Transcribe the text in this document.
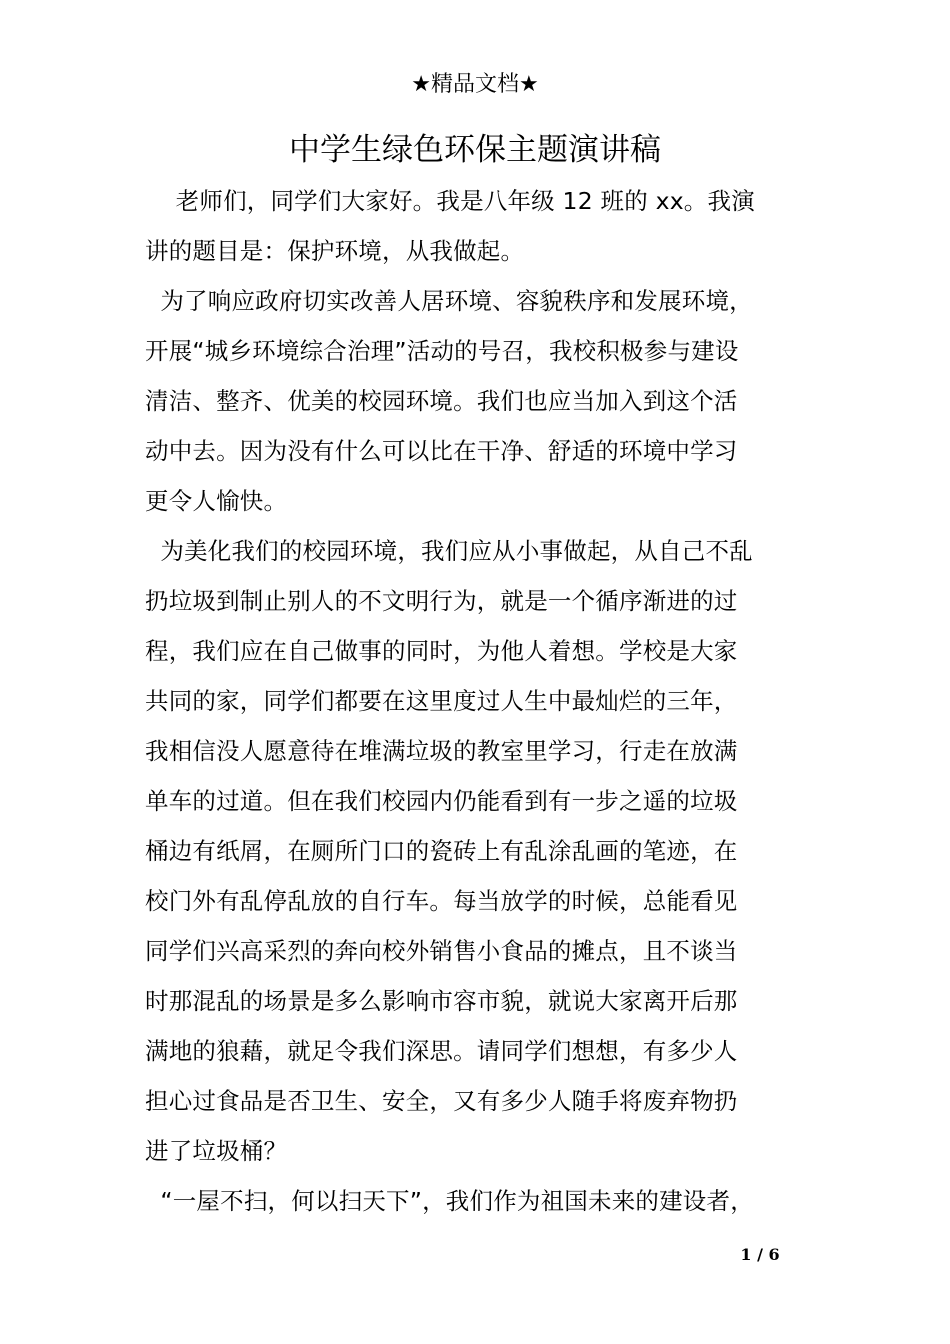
★精品文档★
中学生绿色环保主题演讲稿

老师们，同学们大家好。我是八年级 12 班的 xx。我演
讲的题目是：保护环境，从我做起。

为了响应政府切实改善人居环境、容貌秩序和发展环境，
开展“城乡环境综合治理”活动的号召，我校积极参与建设
清洁、整齐、优美的校园环境。我们也应当加入到这个活
动中去。因为没有什么可以比在干净、舒适的环境中学习
更令人愉快。

为美化我们的校园环境，我们应从小事做起，从自己不乱
扔垃圾到制止别人的不文明行为，就是一个循序渐进的过
程，我们应在自己做事的同时，为他人着想。学校是大家
共同的家，同学们都要在这里度过人生中最灿烂的三年，
我相信没人愿意待在堆满垃圾的教室里学习，行走在放满
单车的过道。但在我们校园内仍能看到有一步之遥的垃圾
桶边有纸屑，在厕所门口的瓷砖上有乱涂乱画的笔迹，在
校门外有乱停乱放的自行车。每当放学的时候，总能看见
同学们兴高采烈的奔向校外销售小食品的摊点，且不谈当
时那混乱的场景是多么影响市容市貌，就说大家离开后那
满地的狼藉，就足令我们深思。请同学们想想，有多少人
担心过食品是否卫生、安全，又有多少人随手将废弃物扔
进了垃圾桶？

“一屋不扫，何以扫天下”，我们作为祖国未来的建设者，

1 / 6
